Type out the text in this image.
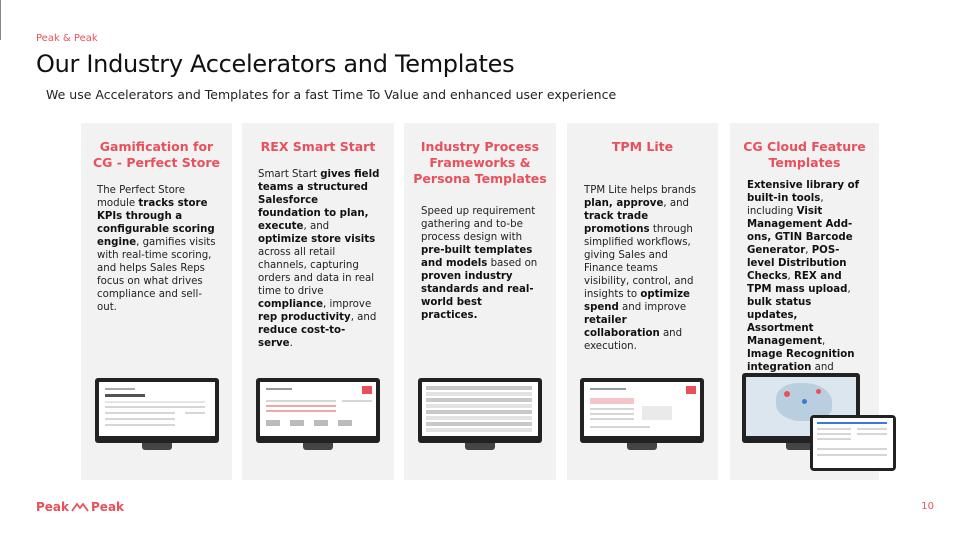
Peak & Peak
Our Industry Accelerators and Templates
We use Accelerators and Templates for a fast Time To Value and enhanced user experience
Gamification for CG - Perfect Store
The Perfect Store module tracks store KPIs through a configurable scoring engine, gamifies visits with real-time scoring, and helps Sales Reps focus on what drives compliance and sell-out.
REX Smart Start
Smart Start gives field teams a structured Salesforce foundation to plan, execute, and optimize store visits across all retail channels, capturing orders and data in real time to drive compliance, improve rep productivity, and reduce cost-to-serve.
Industry Process Frameworks & Persona Templates
Speed up requirement gathering and to-be process design with pre-built templates and models based on proven industry standards and real-world best practices.
TPM Lite
TPM Lite helps brands plan, approve, and track trade promotions through simplified workflows, giving Sales and Finance teams visibility, control, and insights to optimize spend and improve retailer collaboration and execution.
CG Cloud Feature Templates
Extensive library of built-in tools, including Visit Management Add-ons, GTIN Barcode Generator, POS-level Distribution Checks, REX and TPM mass upload, bulk status updates, Assortment Management, Image Recognition integration and
Peak Peak	10
